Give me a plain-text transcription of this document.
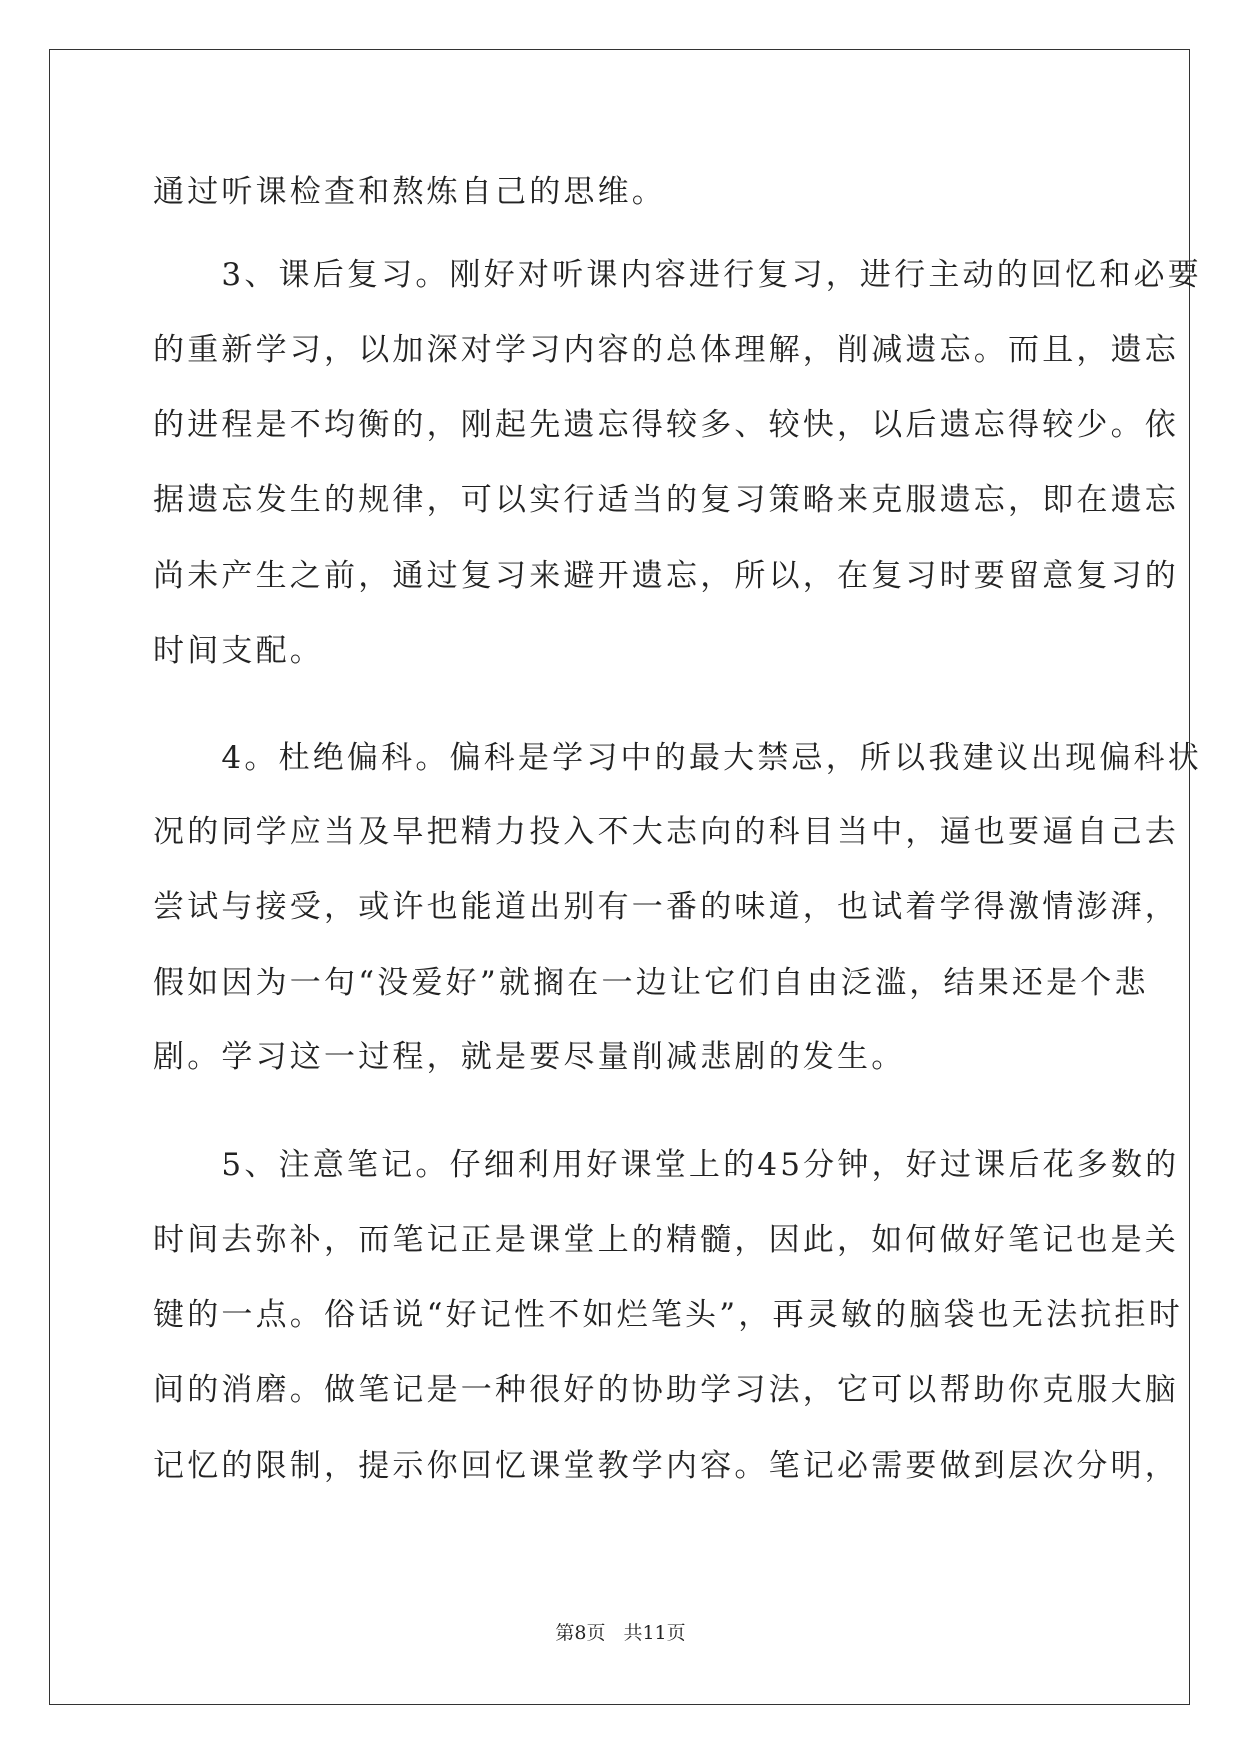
通过听课检查和熬炼自己的思维。
　　3、课后复习。刚好对听课内容进行复习，进行主动的回忆和必要
的重新学习，以加深对学习内容的总体理解，削减遗忘。而且，遗忘
的进程是不均衡的，刚起先遗忘得较多、较快，以后遗忘得较少。依
据遗忘发生的规律，可以实行适当的复习策略来克服遗忘，即在遗忘
尚未产生之前，通过复习来避开遗忘，所以，在复习时要留意复习的
时间支配。
　　4。杜绝偏科。偏科是学习中的最大禁忌，所以我建议出现偏科状
况的同学应当及早把精力投入不大志向的科目当中，逼也要逼自己去
尝试与接受，或许也能道出别有一番的味道，也试着学得激情澎湃，
假如因为一句“没爱好”就搁在一边让它们自由泛滥，结果还是个悲
剧。学习这一过程，就是要尽量削减悲剧的发生。
　　5、注意笔记。仔细利用好课堂上的45分钟，好过课后花多数的
时间去弥补，而笔记正是课堂上的精髓，因此，如何做好笔记也是关
键的一点。俗话说“好记性不如烂笔头”，再灵敏的脑袋也无法抗拒时
间的消磨。做笔记是一种很好的协助学习法，它可以帮助你克服大脑
记忆的限制，提示你回忆课堂教学内容。笔记必需要做到层次分明，
第8页 共11页
